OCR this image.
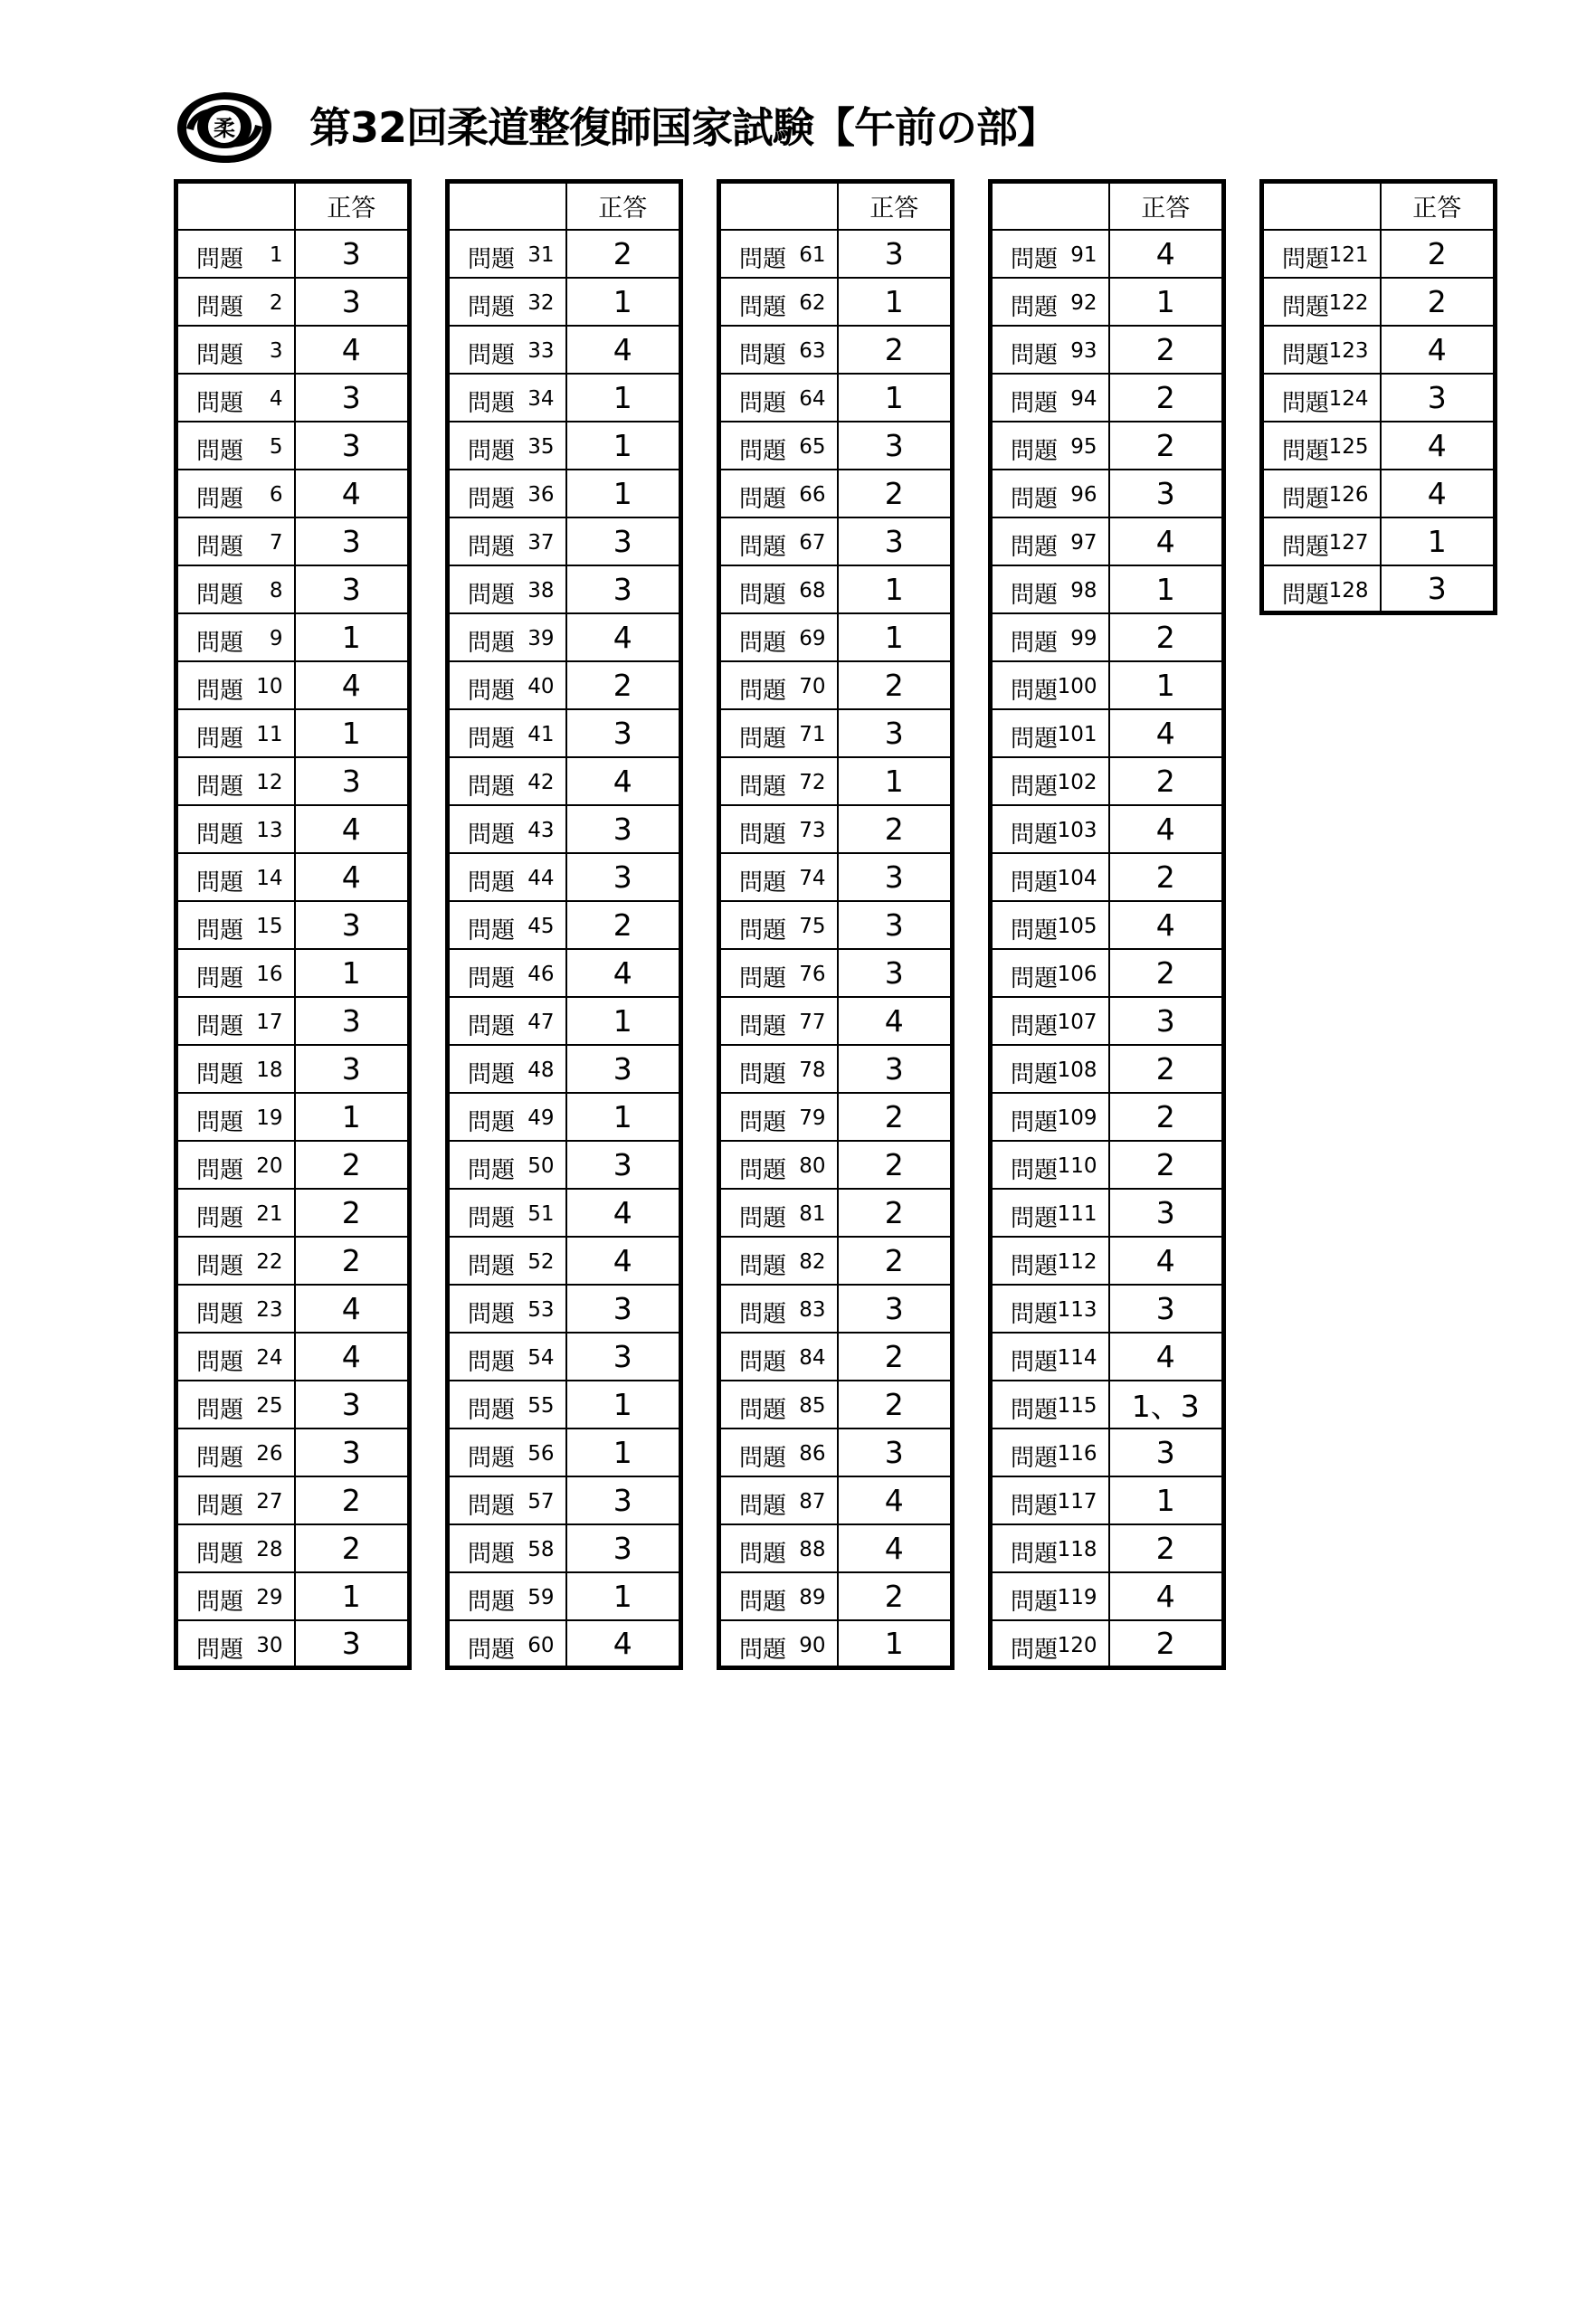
柔 第32回柔道整復師国家試験【午前の部】
	正答

問題 1	3

問題 2	3

問題 3	4

問題 4	3

問題 5	3

問題 6	4

問題 7	3

問題 8	3

問題 9	1

問題 10	4

問題 11	1

問題 12	3

問題 13	4

問題 14	4

問題 15	3

問題 16	1

問題 17	3

問題 18	3

問題 19	1

問題 20	2

問題 21	2

問題 22	2

問題 23	4

問題 24	4

問題 25	3

問題 26	3

問題 27	2

問題 28	2

問題 29	1

問題 30	3
	正答

問題 31	2

問題 32	1

問題 33	4

問題 34	1

問題 35	1

問題 36	1

問題 37	3

問題 38	3

問題 39	4

問題 40	2

問題 41	3

問題 42	4

問題 43	3

問題 44	3

問題 45	2

問題 46	4

問題 47	1

問題 48	3

問題 49	1

問題 50	3

問題 51	4

問題 52	4

問題 53	3

問題 54	3

問題 55	1

問題 56	1

問題 57	3

問題 58	3

問題 59	1

問題 60	4
	正答

問題 61	3

問題 62	1

問題 63	2

問題 64	1

問題 65	3

問題 66	2

問題 67	3

問題 68	1

問題 69	1

問題 70	2

問題 71	3

問題 72	1

問題 73	2

問題 74	3

問題 75	3

問題 76	3

問題 77	4

問題 78	3

問題 79	2

問題 80	2

問題 81	2

問題 82	2

問題 83	3

問題 84	2

問題 85	2

問題 86	3

問題 87	4

問題 88	4

問題 89	2

問題 90	1
	正答

問題 91	4

問題 92	1

問題 93	2

問題 94	2

問題 95	2

問題 96	3

問題 97	4

問題 98	1

問題 99	2

問題 100	1

問題 101	4

問題 102	2

問題 103	4

問題 104	2

問題 105	4

問題 106	2

問題 107	3

問題 108	2

問題 109	2

問題 110	2

問題 111	3

問題 112	4

問題 113	3

問題 114	4

問題 115	1、3

問題 116	3

問題 117	1

問題 118	2

問題 119	4

問題 120	2
	正答

問題 121	2

問題 122	2

問題 123	4

問題 124	3

問題 125	4

問題 126	4

問題 127	1

問題 128	3
